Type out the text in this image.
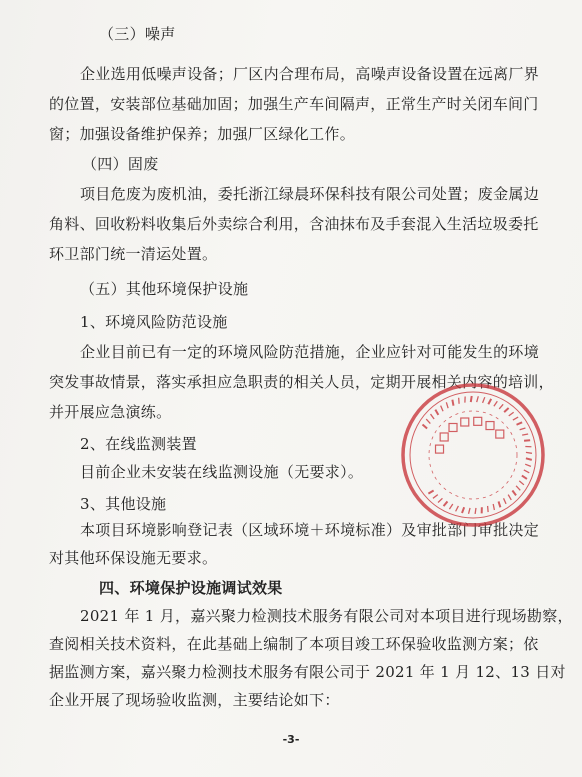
（三）噪声
企业选用低噪声设备；厂区内合理布局，高噪声设备设置在远离厂界
的位置，安装部位基础加固；加强生产车间隔声，正常生产时关闭车间门
窗；加强设备维护保养；加强厂区绿化工作。
（四）固废
项目危废为废机油，委托浙江绿晨环保科技有限公司处置；废金属边
角料、回收粉料收集后外卖综合利用，含油抹布及手套混入生活垃圾委托
环卫部门统一清运处置。
（五）其他环境保护设施
1、环境风险防范设施
企业目前已有一定的环境风险防范措施，企业应针对可能发生的环境
突发事故情景，落实承担应急职责的相关人员，定期开展相关内容的培训，
并开展应急演练。
2、在线监测装置
目前企业未安装在线监测设施（无要求）。
3、其他设施
本项目环境影响登记表（区域环境＋环境标准）及审批部门审批决定
对其他环保设施无要求。
四、环境保护设施调试效果
2021 年 1 月，嘉兴聚力检测技术服务有限公司对本项目进行现场勘察，
查阅相关技术资料，在此基础上编制了本项目竣工环保验收监测方案；依
据监测方案，嘉兴聚力检测技术服务有限公司于 2021 年 1 月 12、13 日对
企业开展了现场验收监测，主要结论如下：
-3-
